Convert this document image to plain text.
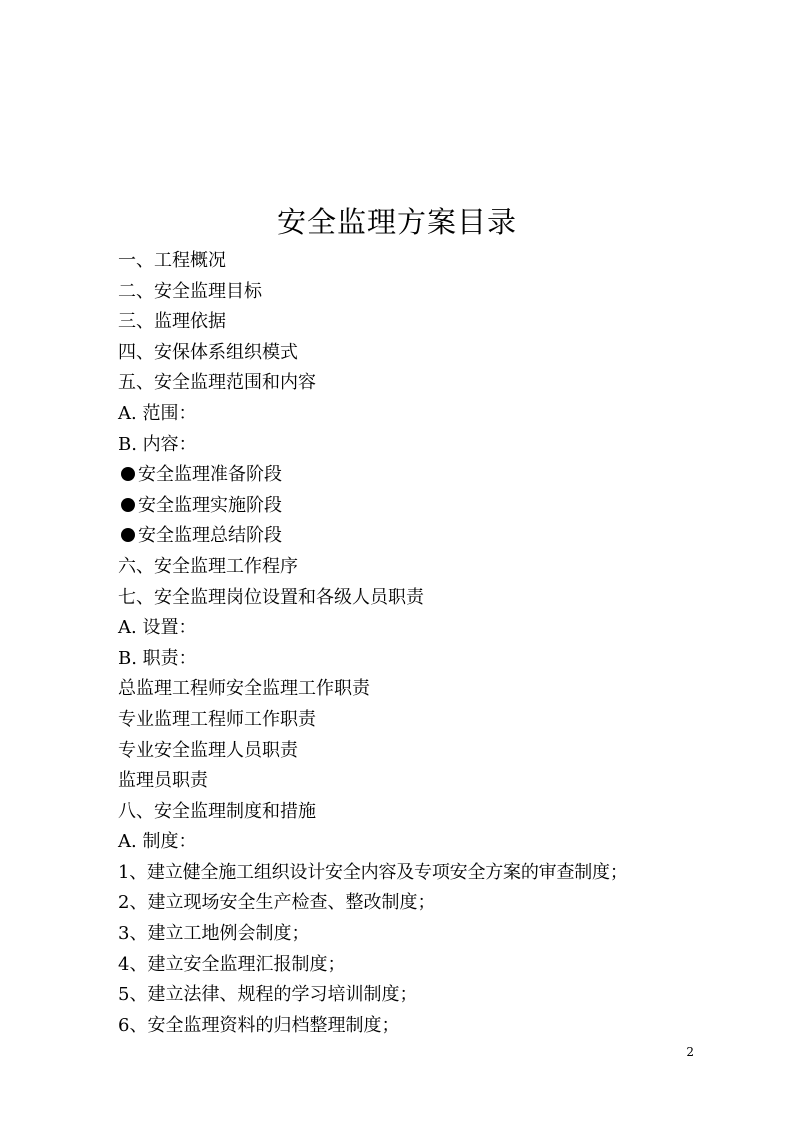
安全监理方案目录
一、工程概况
二、安全监理目标
三、监理依据
四、安保体系组织模式
五、安全监理范围和内容
A. 范围：
B. 内容：
安全监理准备阶段
安全监理实施阶段
安全监理总结阶段
六、安全监理工作程序
七、安全监理岗位设置和各级人员职责
A. 设置：
B. 职责：
总监理工程师安全监理工作职责
专业监理工程师工作职责
专业安全监理人员职责
监理员职责
八、安全监理制度和措施
A. 制度：
1、建立健全施工组织设计安全内容及专项安全方案的审查制度；
2、建立现场安全生产检查、整改制度；
3、建立工地例会制度；
4、建立安全监理汇报制度；
5、建立法律、规程的学习培训制度；
6、安全监理资料的归档整理制度；
2
